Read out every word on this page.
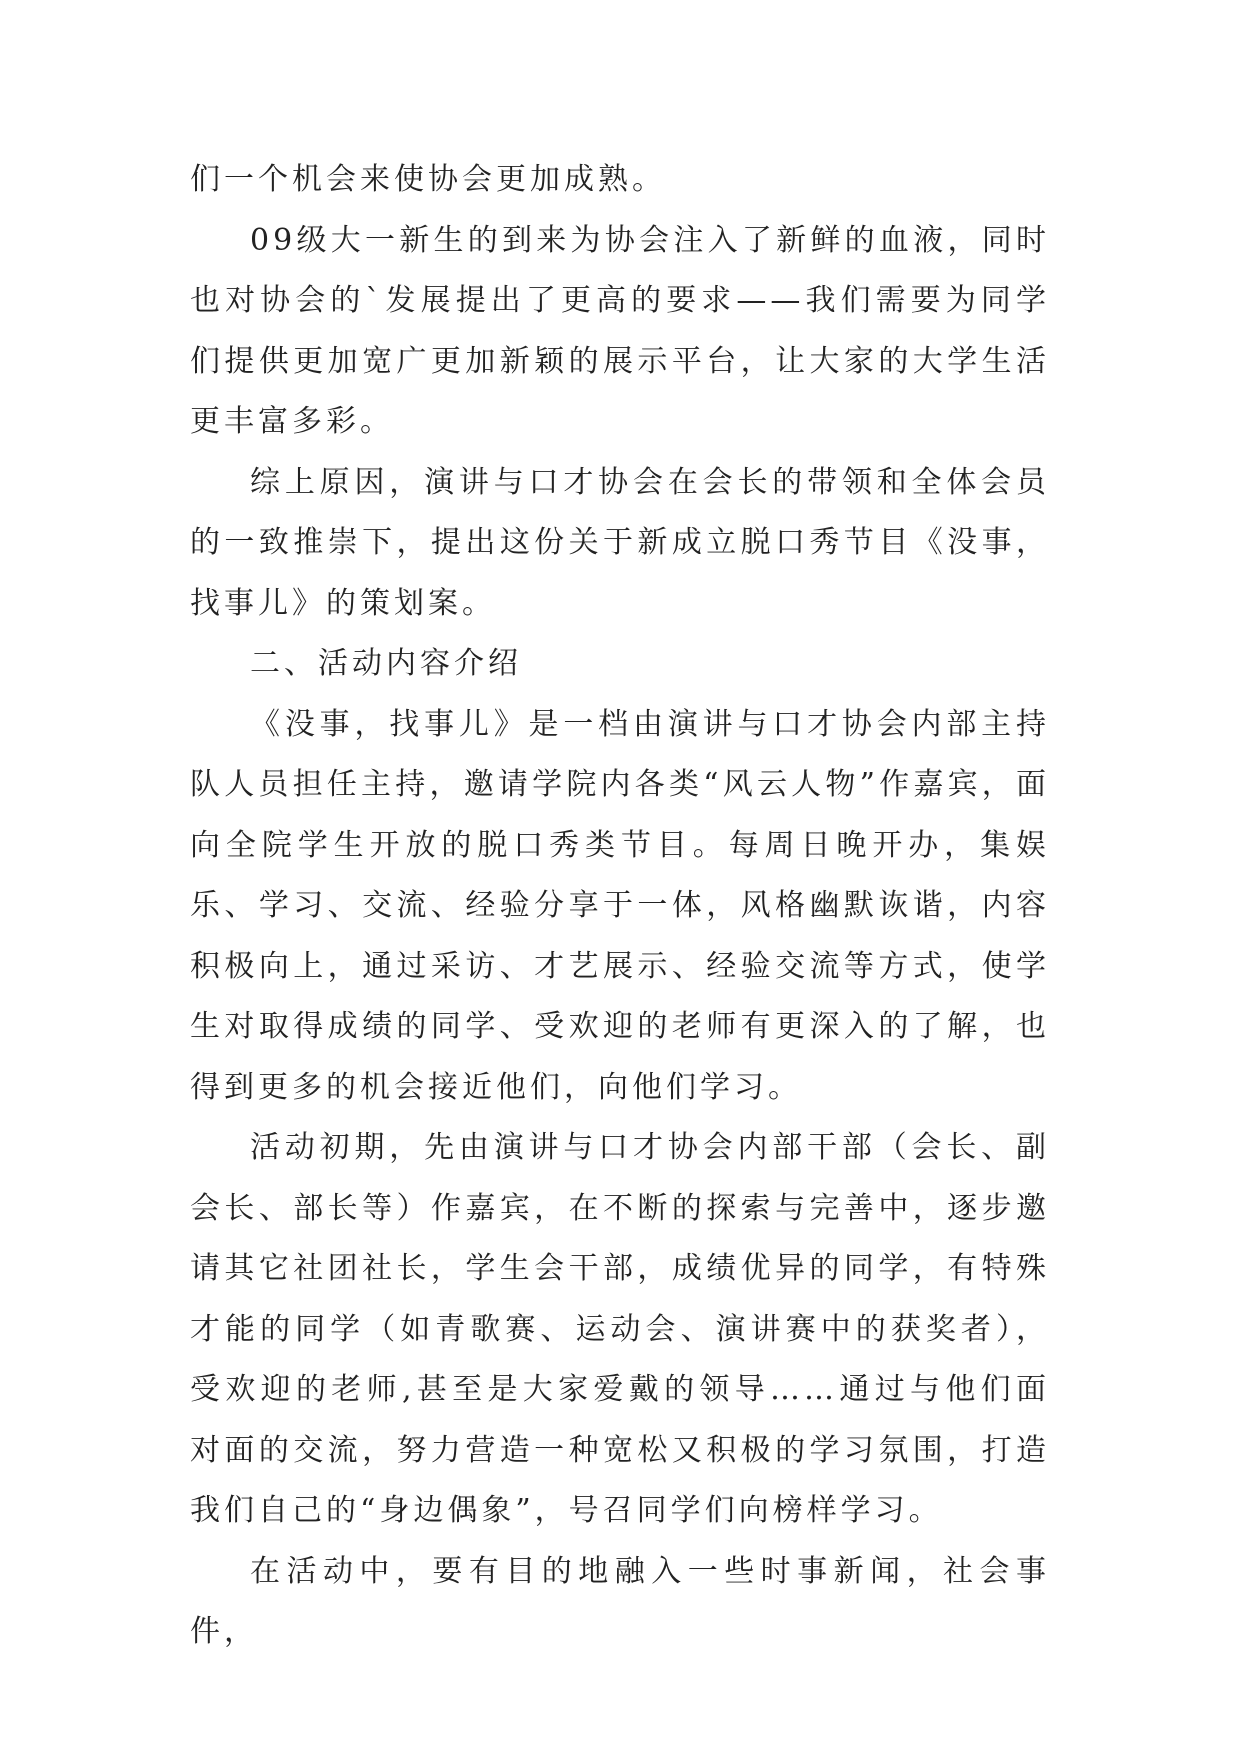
们一个机会来使协会更加成熟。

09级大一新生的到来为协会注入了新鲜的血液，同时也对协会的`发展提出了更高的要求——我们需要为同学们提供更加宽广更加新颖的展示平台，让大家的大学生活更丰富多彩。

综上原因，演讲与口才协会在会长的带领和全体会员的一致推崇下，提出这份关于新成立脱口秀节目《没事，找事儿》的策划案。

二、活动内容介绍

《没事，找事儿》是一档由演讲与口才协会内部主持队人员担任主持，邀请学院内各类“风云人物”作嘉宾，面向全院学生开放的脱口秀类节目。每周日晚开办，集娱乐、学习、交流、经验分享于一体，风格幽默诙谐，内容积极向上，通过采访、才艺展示、经验交流等方式，使学生对取得成绩的同学、受欢迎的老师有更深入的了解，也得到更多的机会接近他们，向他们学习。

活动初期，先由演讲与口才协会内部干部（会长、副会长、部长等）作嘉宾，在不断的探索与完善中，逐步邀请其它社团社长，学生会干部，成绩优异的同学，有特殊才能的同学（如青歌赛、运动会、演讲赛中的获奖者），受欢迎的老师,甚至是大家爱戴的领导……通过与他们面对面的交流，努力营造一种宽松又积极的学习氛围，打造我们自己的“身边偶象”，号召同学们向榜样学习。

在活动中，要有目的地融入一些时事新闻，社会事件，
